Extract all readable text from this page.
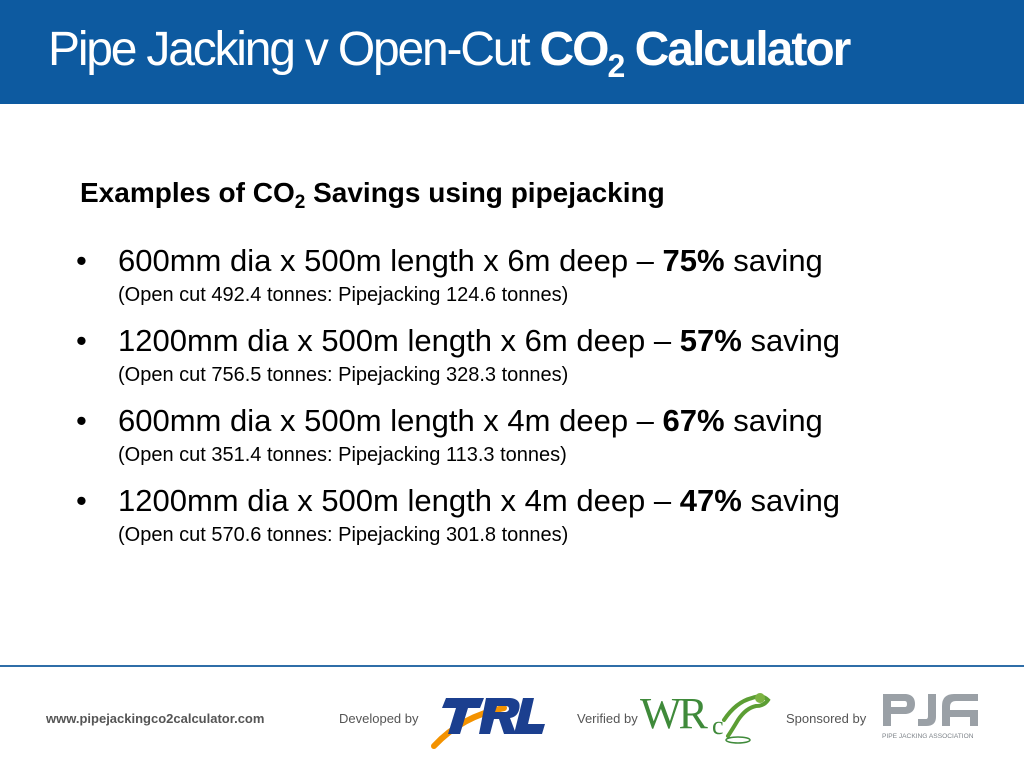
Pipe Jacking v Open-Cut $CO_2$ Calculator
Examples of $CO_2$ Savings using pipejacking
• 600mm dia x 500m length x 6m deep – 75% saving
(Open cut 492.4 tonnes: Pipejacking 124.6 tonnes)
• 1200mm dia x 500m length x 6m deep – 57% saving
(Open cut 756.5 tonnes: Pipejacking 328.3 tonnes)
• 600mm dia x 500m length x 4m deep – 67% saving
(Open cut 351.4 tonnes: Pipejacking 113.3 tonnes)
• 1200mm dia x 500m length x 4m deep – 47% saving
(Open cut 570.6 tonnes: Pipejacking 301.8 tonnes)
www.pipejackingco2calculator.com	Developed by	Verified by WR c	Sponsored by
PIPE JACKING ASSOCIATION
